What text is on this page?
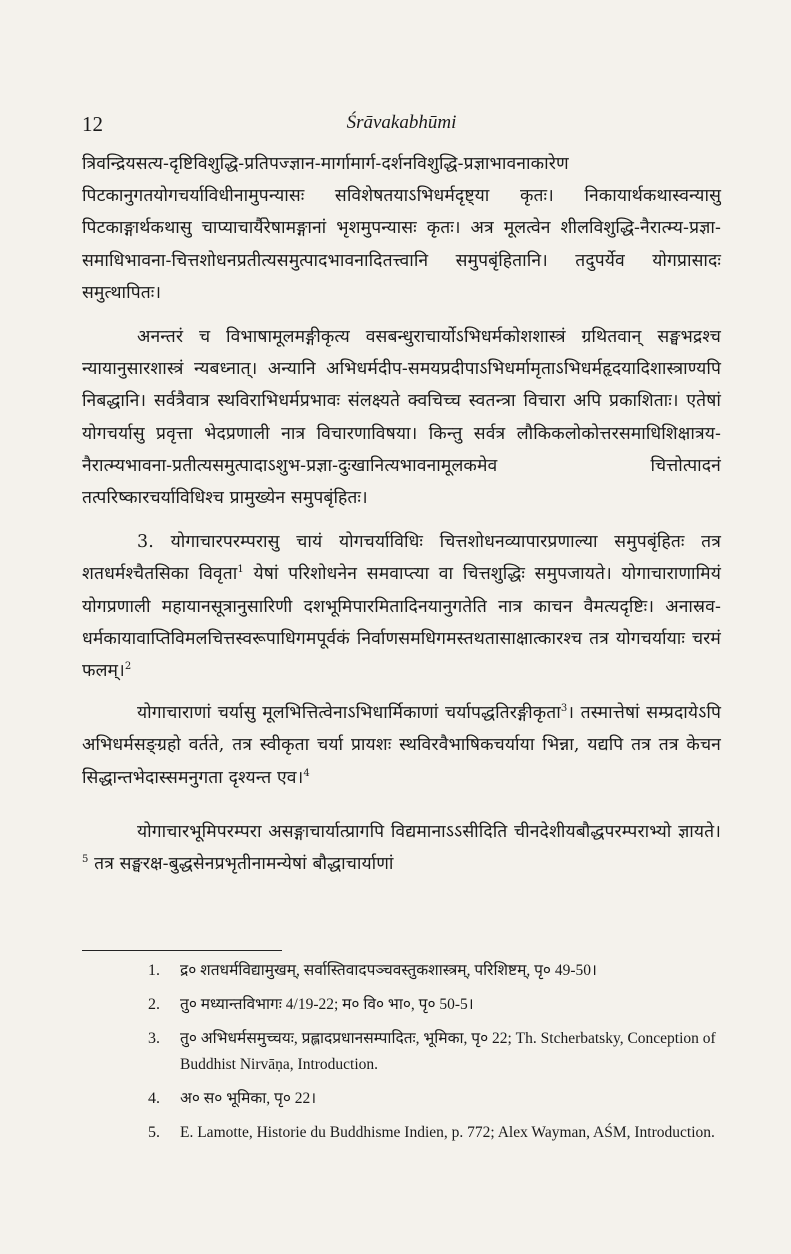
12	Śrāvakabhūmi

त्रिवन्द्रियसत्य-दृष्टिविशुद्धि-प्रतिपज्ज्ञान-मार्गामार्ग-दर्शनविशुद्धि-प्रज्ञाभावनाकारेण पिटकानुगतयोगचर्याविधीनामुपन्यासः सविशेषतयाऽभिधर्मदृष्ट्या कृतः। निकायार्थकथास्वन्यासु पिटकाङ्गार्थकथासु चाप्याचार्यैरेषामङ्गानां भृशमुपन्यासः कृतः। अत्र मूलत्वेन शीलविशुद्धि-नैरात्म्य-प्रज्ञा-समाधिभावना-चित्तशोधनप्रतीत्यसमुत्पादभावनादितत्त्वानि समुपबृंहितानि। तदुपर्येव योगप्रासादः समुत्थापितः।

अनन्तरं च विभाषामूलमङ्गीकृत्य वसबन्धुराचार्योऽभिधर्मकोशशास्त्रं ग्रथितवान् सङ्घभद्रश्च न्यायानुसारशास्त्रं न्यबध्नात्। अन्यानि अभिधर्मदीप-समयप्रदीपाऽभिधर्मामृताऽभिधर्महृदयादिशास्त्राण्यपि निबद्धानि। सर्वत्रैवात्र स्थविराभिधर्मप्रभावः संलक्ष्यते क्वचिच्च स्वतन्त्रा विचारा अपि प्रकाशिताः। एतेषां योगचर्यासु प्रवृत्ता भेदप्रणाली नात्र विचारणाविषया। किन्तु सर्वत्र लौकिकलोकोत्तरसमाधिशिक्षात्रय-नैरात्म्यभावना-प्रतीत्यसमुत्पादाऽशुभ-प्रज्ञा-दुःखानित्यभावनामूलकमेव चित्तोत्पादनं तत्परिष्कारचर्याविधिश्च प्रामुख्येन समुपबृंहितः।

3. योगाचारपरम्परासु चायं योगचर्याविधिः चित्तशोधनव्यापारप्रणाल्या समुपबृंहितः तत्र शतधर्मश्चैतसिका विवृता$^1$ येषां परिशोधनेन समवाप्त्या वा चित्तशुद्धिः समुपजायते। योगाचाराणामियं योगप्रणाली महायानसूत्रानुसारिणी दशभूमिपारमितादिनयानुगतेति नात्र काचन वैमत्यदृष्टिः। अनास्रव-धर्मकायावाप्तिविमलचित्तस्वरूपाधिगमपूर्वकं निर्वाणसमधिगमस्तथतासाक्षात्कारश्च तत्र योगचर्यायाः चरमं फलम्।$^2$

योगाचाराणां चर्यासु मूलभित्तित्वेनाऽभिधार्मिकाणां चर्यापद्धतिरङ्गीकृता$^3$। तस्मात्तेषां सम्प्रदायेऽपि अभिधर्मसङ्ग्रहो वर्तते, तत्र स्वीकृता चर्या प्रायशः स्थविरवैभाषिकचर्याया भिन्ना, यद्यपि तत्र तत्र केचन सिद्धान्तभेदास्समनुगता दृश्यन्त एव।$^4$

योगाचारभूमिपरम्परा असङ्गाचार्यात्प्रागपि विद्यमानाऽऽसीदिति चीनदेशीयबौद्धपरम्पराभ्यो ज्ञायते।$^5$ तत्र सङ्घरक्ष-बुद्धसेनप्रभृतीनामन्येषां बौद्धाचार्याणां

1.	द्र० शतधर्मविद्यामुखम्, सर्वास्तिवादपञ्चवस्तुकशास्त्रम्, परिशिष्टम्, पृ० 49-50।
2.	तु० मध्यान्तविभागः 4/19-22; म० वि० भा०, पृ० 50-5।
3.	तु० अभिधर्मसमुच्चयः, प्रह्लादप्रधानसम्पादितः, भूमिका, पृ० 22; Th. Stcherbatsky, Conception of Buddhist Nirvāṇa, Introduction.
4.	अ० स० भूमिका, पृ० 22।
5.	E. Lamotte, Historie du Buddhisme Indien, p. 772; Alex Wayman, AŚM, Introduction.
